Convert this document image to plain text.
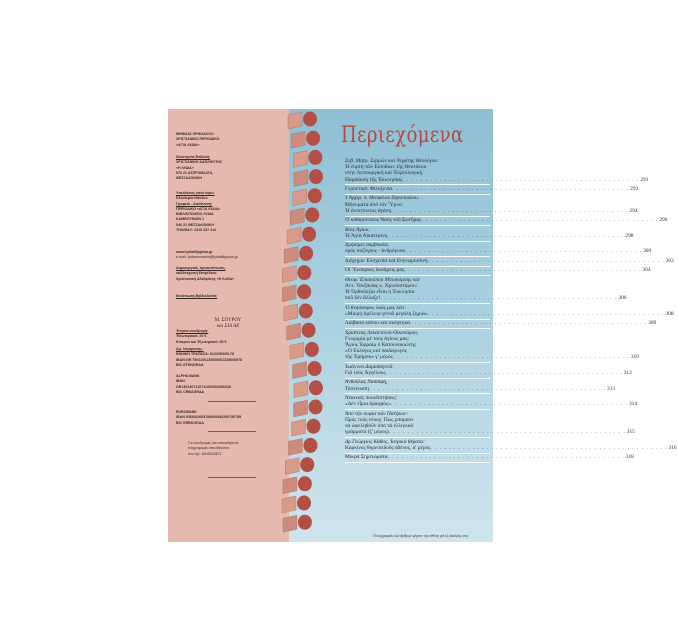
ΜΗΝΙΑΙΟ ΟΡΘΟΔΟΞΟ
ΧΡΙΣΤΙΑΝΙΚΟ ΠΕΡΙΟΔΙΚΟ
«ΑΓΙΑ ΛΥΔΙΑ»
Ιδιοκτησία-Έκδοση:
ΧΡΙΣΤΙΑΝΙΚΗ ΑΔΕΛΦΟΤΗΣ
«Η ΛΥΔΙΑ»
570 21 ΑΣΠΡΟΒΑΛΤΑ,
ΘΕΣΣΑΛΟΝΙΚΗ
Υπεύθυνος κατά νόμο:
Ελευθερία Νάνδου
Γραφείο - Διεύθυνση:
ΠΕΡΙΟΔΙΚΟ «ΑΓΙΑ ΛΥΔΙΑ»
ΒΙΒΛΙΟΠΩΛΕΙΟ ΛΥΔΙΑ
ΚΑΜΒΟΥΝΙΩΝ 1
546 21 ΘΕΣΣΑΛΟΝΙΚΗ
ΤΗΛ/ΦΑΞ: 2310 237 412
www.lydiafilippisia.gr
e-mail: lydiamonastiri@lydiafilippisia.gr
Δημιουργικό, προεκτύπωση,
καλλιτεχνική Επιμέλεια:
Χριστιανική Αδελφότης «Η Λυδία»
Εκτύπωση-Βιβλιοδεσία:
Έτησια συνδρομή:
Έσωτερικού: 20 €
Κύπρου και Έξωτερικού: 35 €
Αρ. λογαριασμ.:
ΕΘΝΙΚΗ ΤΡΑΠΕΖΑ: 613/296009-78
IBAN:GR 7901106130000061329600978
BIC ETHNGRAA
ALPHA BANK
IBAN
GR1301407110711002002006339
BIC CRBAGRAA
EUROBANK
IBAN GR3402603780000540200730759
BIC ERBKGRAA
Για συνδρομές και οποιαδήποτε
πληροφορία απευθύνεστε
στο τηλ. 6945034671
Μ. ΣΠΥΡΟΥ
και ΣΙΑ ΑΕ
Περιεχόμενα
Σεβ. Μητρ. Σερρών και Νιγρίτης Θεολόγου:
Ἡ ἑορτή τῶν Εἰσοδίων τῆς Θεοτόκου
στήν Λειτουργική καί Ἐορτολογική
Παράδοση τῆς Ἐκκλησίας . . .	291
Γεροντικό: Φιλοξενία . . .	293
Ἱ Ἀρχιμ. π. Θεοφίλου Ζησοπούλου:
Μήνυματα ἀπό τόν Ὕμνο:
Ἡ ἐκπεπτωτος ἀγάπη . . .	294
Ὁ καθαρότατος Ναός τοῦ Σωτῆρος . . .	296
Βίος Ἁγίου:
Ἡ Ἁγία Αἰκατερίνη . . .	298
Χρήσιμες συμβουλές
πρός συζύγους - ἀνδρόγυνα . . .	300
Διήγημα: Εὐσχεσία καί Εὐγνωμοσύνη . . .	302
Οἱ Ἔνσαρκες δυνάμεις μας . . .	304
Θεοφ. Ἐπισκόπου Μποικόμπης καί
Ἀντ. Τανζανίας κ. Χρυσοστόμου:
Ἡ Ὀρθοδοξία εἶναι ἡ Ἐκκλησία
ποῦ δέν ἄλλαξε! . . .	306
Ὁ θνηόσοφος λαός μας λέει:
«Μικρή ἀμέλεια γεννᾶ μεγάλη ζημιά» . . .	308
Διάβασα κάπου καί σκέφτηκα . . .	309
Χριστίνας Λεκαντινού-Οἰκονόμου,
Γνωριμία μέ τούς ἁγίους μας:
Ἅγιος Ἐφραίμ ὁ Κατουνακιώτης
«Ὁ Εὐλόγος καί παιδαγωγός
τῆς Ἐρήμου» γ' μέρος . . .	310
Ἰωάννου Δαμασκηνοῦ:
Γιά τούς Ἀγγέλους . . .	312
Ἀνθοῦλας Νασσίφη,
Ταπείνωση . . .	313
Νεανικές ποιοδεπτήσεις:
«Δέν εἶμαι δραφρός» . . .	314
Ἀπό τήν σοφία τῶν Πατέρων:
Πρός τούς νέους: Πώς μπορούν
νά ὠφεληθοῦν ἀπό τά ἑλληνικά
γράμματα (ζ' μέρος) . . .	315
Δρ Γεώργιος Κάθος, Ἰατρικά θέματα:
Καρκίνος θυρεοειδοῦς ἀδένος, α' μέρος . . .	316
Μικρά Σημειώματα . . .	318
Οἱ συγγραφεῖς τῶν ἄρθρων φέρουν τήν εὐθύνη γιά τίς ἀπόψεις τους
